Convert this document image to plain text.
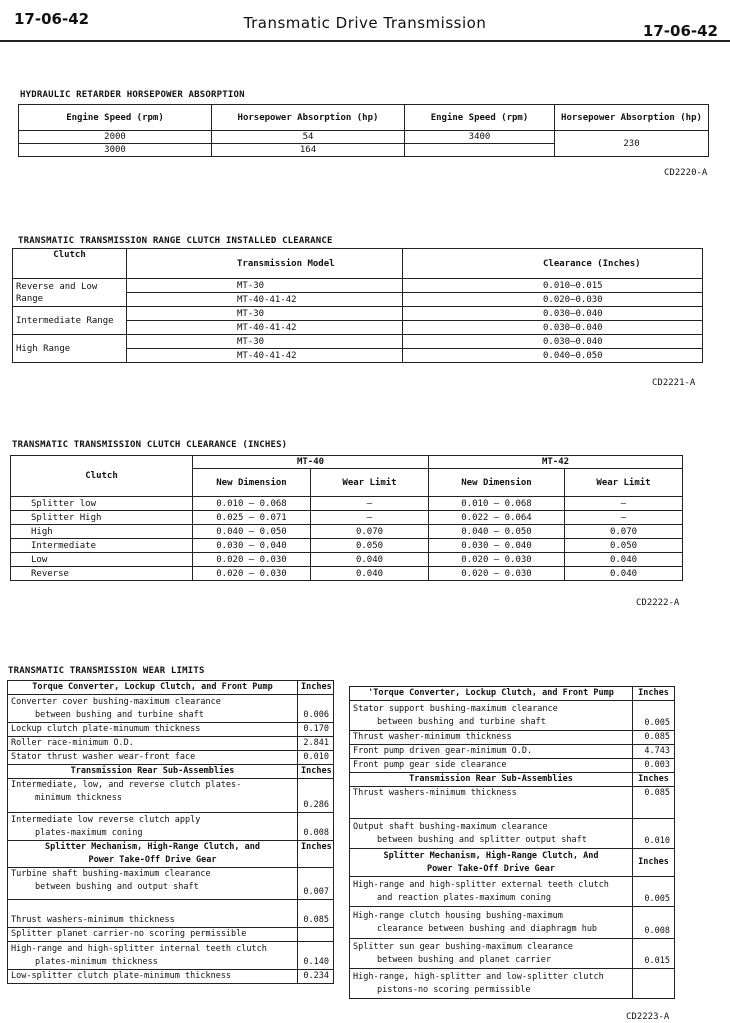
17-06-42	Transmatic Drive Transmission	17-06-42
HYDRAULIC RETARDER HORSEPOWER ABSORPTION
Engine Speed (rpm)	Horsepower Absorption (hp)	Engine Speed (rpm)	Horsepower Absorption (hp)
2000	54	3400	230
3000	164		
CD2220-A
TRANSMATIC TRANSMISSION RANGE CLUTCH INSTALLED CLEARANCE
Clutch	Transmission Model	Clearance (Inches)
Reverse and Low Range	MT-30	0.010–0.015
	MT-40-41-42	0.020–0.030
Intermediate Range	MT-30	0.030–0.040
	MT-40-41-42	0.030–0.040
High Range	MT-30	0.030–0.040
	MT-40-41-42	0.040–0.050
CD2221-A
TRANSMATIC TRANSMISSION CLUTCH CLEARANCE (INCHES)
Clutch	MT-40		MT-42	
	New Dimension	Wear Limit	New Dimension	Wear Limit
Splitter low	0.010 – 0.068	–	0.010 – 0.068	–
Splitter High	0.025 – 0.071	–	0.022 – 0.064	–
High	0.040 – 0.050	0.070	0.040 – 0.050	0.070
Intermediate	0.030 – 0.040	0.050	0.030 – 0.040	0.050
Low	0.020 – 0.030	0.040	0.020 – 0.030	0.040
Reverse	0.020 – 0.030	0.040	0.020 – 0.030	0.040
CD2222-A
TRANSMATIC TRANSMISSION WEAR LIMITS
Torque Converter, Lockup Clutch, and Front Pump	Inches

Converter cover bushing-maximum clearance
between bushing and turbine shaft	0.006
Lockup clutch plate-minumum thickness	0.170
Roller race-minimum O.D.	2.841
Stator thrust washer wear-front face	0.010
Transmission Rear Sub-Assemblies	Inches

Intermediate, low, and reverse clutch plates-
minimum thickness	0.286

Intermediate low reverse clutch apply
plates-maximum coning	0.008

Splitter Mechanism, High-Range Clutch, and
Power Take-Off Drive Gear	Inches

Turbine shaft bushing-maximum clearance
between bushing and output shaft	0.007
Thrust washers-minimum thickness	0.085
Splitter planet carrier-no scoring permissible	

High-range and high-splitter internal teeth clutch
plates-minimum thickness	0.140
Low-splitter clutch plate-minimum thickness	0.234
'Torque Converter, Lockup Clutch, and Front Pump	Inches

Stator support bushing-maximum clearance
between bushing and turbine shaft	0.005
Thrust washer-minimum thickness	0.085
Front pump driven gear-minimum O.D.	4.743
Front pump gear side clearance	0.003
Transmission Rear Sub-Assemblies	Inches
Thrust washers-minimum thickness	0.085

Output shaft bushing-maximum clearance
between bushing and splitter output shaft	0.010

Splitter Mechanism, High-Range Clutch, And
Power Take-Off Drive Gear	Inches

High-range and high-splitter external teeth clutch
and reaction plates-maximum coning	0.005

High-range clutch housing bushing-maximum
clearance between bushing and diaphragm hub	0.008

Splitter sun gear bushing-maximum clearance
between bushing and planet carrier	0.015

High-range, high-splitter and low-splitter clutch
pistons-no scoring permissible	

CD2223-A
